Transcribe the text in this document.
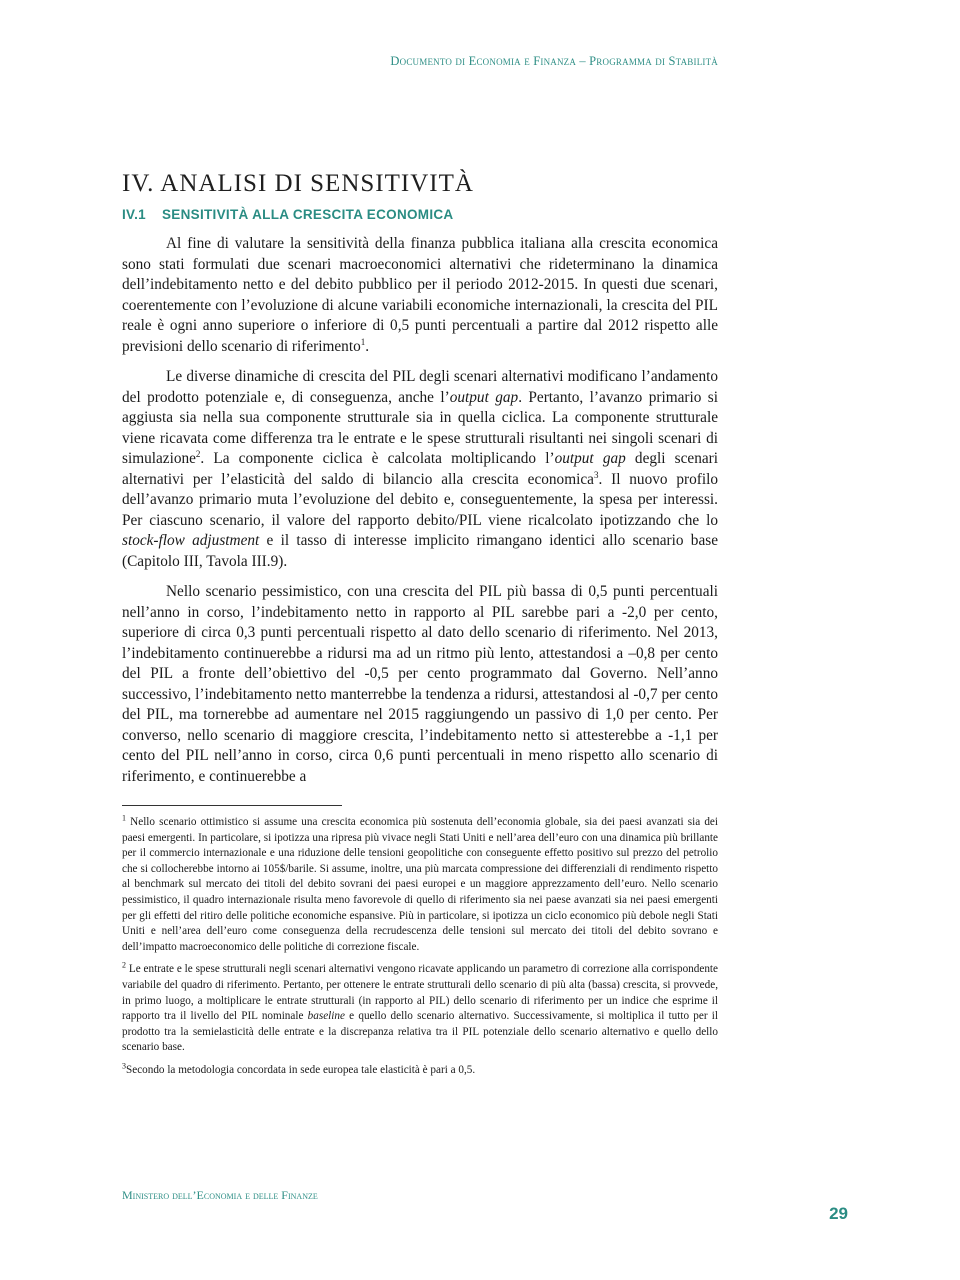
Documento di Economia e Finanza – Programma di Stabilità
IV. ANALISI DI SENSITIVITÀ
IV.1 SENSITIVITÀ ALLA CRESCITA ECONOMICA

Al fine di valutare la sensitività della finanza pubblica italiana alla crescita economica sono stati formulati due scenari macroeconomici alternativi che rideterminano la dinamica dell’indebitamento netto e del debito pubblico per il periodo 2012-2015. In questi due scenari, coerentemente con l’evoluzione di alcune variabili economiche internazionali, la crescita del PIL reale è ogni anno superiore o inferiore di 0,5 punti percentuali a partire dal 2012 rispetto alle previsioni dello scenario di riferimento$^1$.

Le diverse dinamiche di crescita del PIL degli scenari alternativi modificano l’andamento del prodotto potenziale e, di conseguenza, anche l’output gap. Pertanto, l’avanzo primario si aggiusta sia nella sua componente strutturale sia in quella ciclica. La componente strutturale viene ricavata come differenza tra le entrate e le spese strutturali risultanti nei singoli scenari di simulazione$^2$. La componente ciclica è calcolata moltiplicando l’output gap degli scenari alternativi per l’elasticità del saldo di bilancio alla crescita economica$^3$. Il nuovo profilo dell’avanzo primario muta l’evoluzione del debito e, conseguentemente, la spesa per interessi. Per ciascuno scenario, il valore del rapporto debito/PIL viene ricalcolato ipotizzando che lo stock-flow adjustment e il tasso di interesse implicito rimangano identici allo scenario base (Capitolo III, Tavola III.9).

Nello scenario pessimistico, con una crescita del PIL più bassa di 0,5 punti percentuali nell’anno in corso, l’indebitamento netto in rapporto al PIL sarebbe pari a -2,0 per cento, superiore di circa 0,3 punti percentuali rispetto al dato dello scenario di riferimento. Nel 2013, l’indebitamento continuerebbe a ridursi ma ad un ritmo più lento, attestandosi a –0,8 per cento del PIL a fronte dell’obiettivo del -0,5 per cento programmato dal Governo. Nell’anno successivo, l’indebitamento netto manterrebbe la tendenza a ridursi, attestandosi al -0,7 per cento del PIL, ma tornerebbe ad aumentare nel 2015 raggiungendo un passivo di 1,0 per cento. Per converso, nello scenario di maggiore crescita, l’indebitamento netto si attesterebbe a -1,1 per cento del PIL nell’anno in corso, circa 0,6 punti percentuali in meno rispetto allo scenario di riferimento, e continuerebbe a

$^1$ Nello scenario ottimistico si assume una crescita economica più sostenuta dell’economia globale, sia dei paesi avanzati sia dei paesi emergenti. In particolare, si ipotizza una ripresa più vivace negli Stati Uniti e nell’area dell’euro con una dinamica più brillante per il commercio internazionale e una riduzione delle tensioni geopolitiche con conseguente effetto positivo sul prezzo del petrolio che si collocherebbe intorno ai 105$/barile. Si assume, inoltre, una più marcata compressione dei differenziali di rendimento rispetto al benchmark sul mercato dei titoli del debito sovrani dei paesi europei e un maggiore apprezzamento dell’euro. Nello scenario pessimistico, il quadro internazionale risulta meno favorevole di quello di riferimento sia nei paese avanzati sia nei paesi emergenti per gli effetti del ritiro delle politiche economiche espansive. Più in particolare, si ipotizza un ciclo economico più debole negli Stati Uniti e nell’area dell’euro come conseguenza della recrudescenza delle tensioni sul mercato dei titoli del debito sovrano e dell’impatto macroeconomico delle politiche di correzione fiscale.

$^2$ Le entrate e le spese strutturali negli scenari alternativi vengono ricavate applicando un parametro di correzione alla corrispondente variabile del quadro di riferimento. Pertanto, per ottenere le entrate strutturali dello scenario di più alta (bassa) crescita, si provvede, in primo luogo, a moltiplicare le entrate strutturali (in rapporto al PIL) dello scenario di riferimento per un indice che esprime il rapporto tra il livello del PIL nominale baseline e quello dello scenario alternativo. Successivamente, si moltiplica il tutto per il prodotto tra la semielasticità delle entrate e la discrepanza relativa tra il PIL potenziale dello scenario alternativo e quello dello scenario base.

$^3$Secondo la metodologia concordata in sede europea tale elasticità è pari a 0,5.

Ministero dell’Economia e delle Finanze
29
